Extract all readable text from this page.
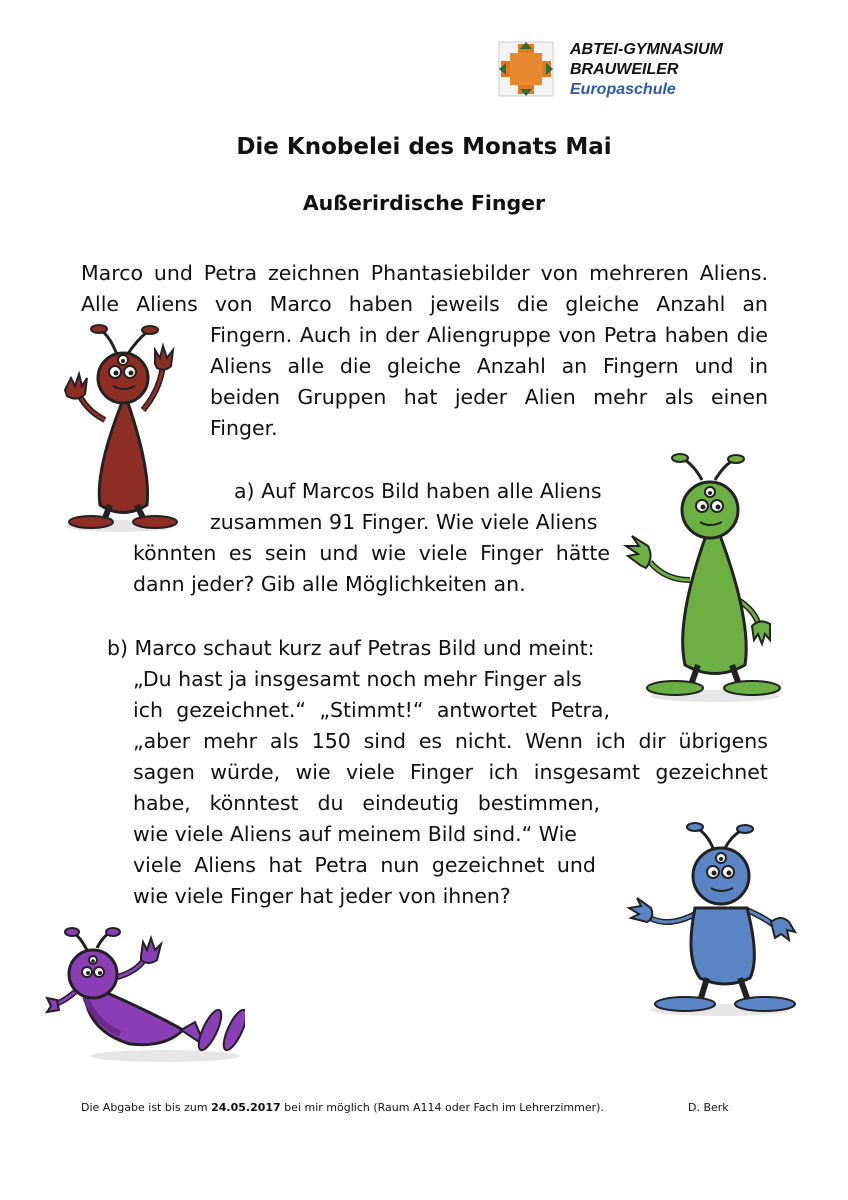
ABTEI-GYMNASIUM
BRAUWEILER
Europaschule
Die Knobelei des Monats Mai
Außerirdische Finger
Marco und Petra zeichnen Phantasiebilder von mehreren Aliens.
Alle Aliens von Marco haben jeweils die gleiche Anzahl an
Fingern. Auch in der Aliengruppe von Petra haben die
Aliens alle die gleiche Anzahl an Fingern und in
beiden Gruppen hat jeder Alien mehr als einen
Finger.
a) Auf Marcos Bild haben alle Aliens
zusammen 91 Finger. Wie viele Aliens
könnten es sein und wie viele Finger hätte
dann jeder? Gib alle Möglichkeiten an.
b) Marco schaut kurz auf Petras Bild und meint:
„Du hast ja insgesamt noch mehr Finger als
ich gezeichnet.“ „Stimmt!“ antwortet Petra,
„aber mehr als 150 sind es nicht. Wenn ich dir übrigens
sagen würde, wie viele Finger ich insgesamt gezeichnet
habe, könntest du eindeutig bestimmen,
wie viele Aliens auf meinem Bild sind.“ Wie
viele Aliens hat Petra nun gezeichnet und
wie viele Finger hat jeder von ihnen?
Die Abgabe ist bis zum 24.05.2017 bei mir möglich (Raum A114 oder Fach im Lehrerzimmer).	D. Berk
